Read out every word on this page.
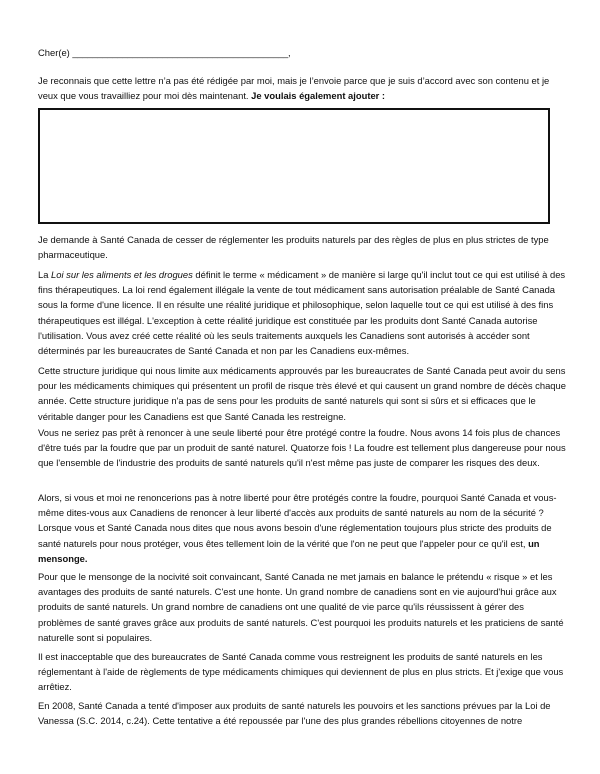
Cher(e) ___________________________________________,

Je reconnais que cette lettre n’a pas été rédigée par moi, mais je l’envoie parce que je suis d’accord avec son contenu et je veux que vous travailliez pour moi dès maintenant. Je voulais également ajouter :

Je demande à Santé Canada de cesser de réglementer les produits naturels par des règles de plus en plus strictes de type pharmaceutique.

La Loi sur les aliments et les drogues définit le terme « médicament » de manière si large qu'il inclut tout ce qui est utilisé à des fins thérapeutiques. La loi rend également illégale la vente de tout médicament sans autorisation préalable de Santé Canada sous la forme d'une licence. Il en résulte une réalité juridique et philosophique, selon laquelle tout ce qui est utilisé à des fins thérapeutiques est illégal. L'exception à cette réalité juridique est constituée par les produits dont Santé Canada autorise l'utilisation. Vous avez créé cette réalité où les seuls traitements auxquels les Canadiens sont autorisés à accéder sont déterminés par les bureaucrates de Santé Canada et non par les Canadiens eux-mêmes.

Cette structure juridique qui nous limite aux médicaments approuvés par les bureaucrates de Santé Canada peut avoir du sens pour les médicaments chimiques qui présentent un profil de risque très élevé et qui causent un grand nombre de décès chaque année. Cette structure juridique n'a pas de sens pour les produits de santé naturels qui sont si sûrs et si efficaces que le véritable danger pour les Canadiens est que Santé Canada les restreigne.

Vous ne seriez pas prêt à renoncer à une seule liberté pour être protégé contre la foudre. Nous avons 14 fois plus de chances d'être tués par la foudre que par un produit de santé naturel. Quatorze fois ! La foudre est tellement plus dangereuse pour nous que l'ensemble de l'industrie des produits de santé naturels qu'il n'est même pas juste de comparer les risques des deux.

Alors, si vous et moi ne renoncerions pas à notre liberté pour être protégés contre la foudre, pourquoi Santé Canada et vous-même dites-vous aux Canadiens de renoncer à leur liberté d'accès aux produits de santé naturels au nom de la sécurité ? Lorsque vous et Santé Canada nous dites que nous avons besoin d'une réglementation toujours plus stricte des produits de santé naturels pour nous protéger, vous êtes tellement loin de la vérité que l'on ne peut que l'appeler pour ce qu'il est, un mensonge.

Pour que le mensonge de la nocivité soit convaincant, Santé Canada ne met jamais en balance le prétendu « risque » et les avantages des produits de santé naturels. C'est une honte. Un grand nombre de canadiens sont en vie aujourd'hui grâce aux produits de santé naturels. Un grand nombre de canadiens ont une qualité de vie parce qu'ils réussissent à gérer des problèmes de santé graves grâce aux produits de santé naturels. C'est pourquoi les produits naturels et les praticiens de santé naturelle sont si populaires.

Il est inacceptable que des bureaucrates de Santé Canada comme vous restreignent les produits de santé naturels en les réglementant à l'aide de règlements de type médicaments chimiques qui deviennent de plus en plus stricts. Et j'exige que vous arrêtiez.

En 2008, Santé Canada a tenté d'imposer aux produits de santé naturels les pouvoirs et les sanctions prévues par la Loi de Vanessa (S.C. 2014, c.24). Cette tentative a été repoussée par l'une des plus grandes rébellions citoyennes de notre
